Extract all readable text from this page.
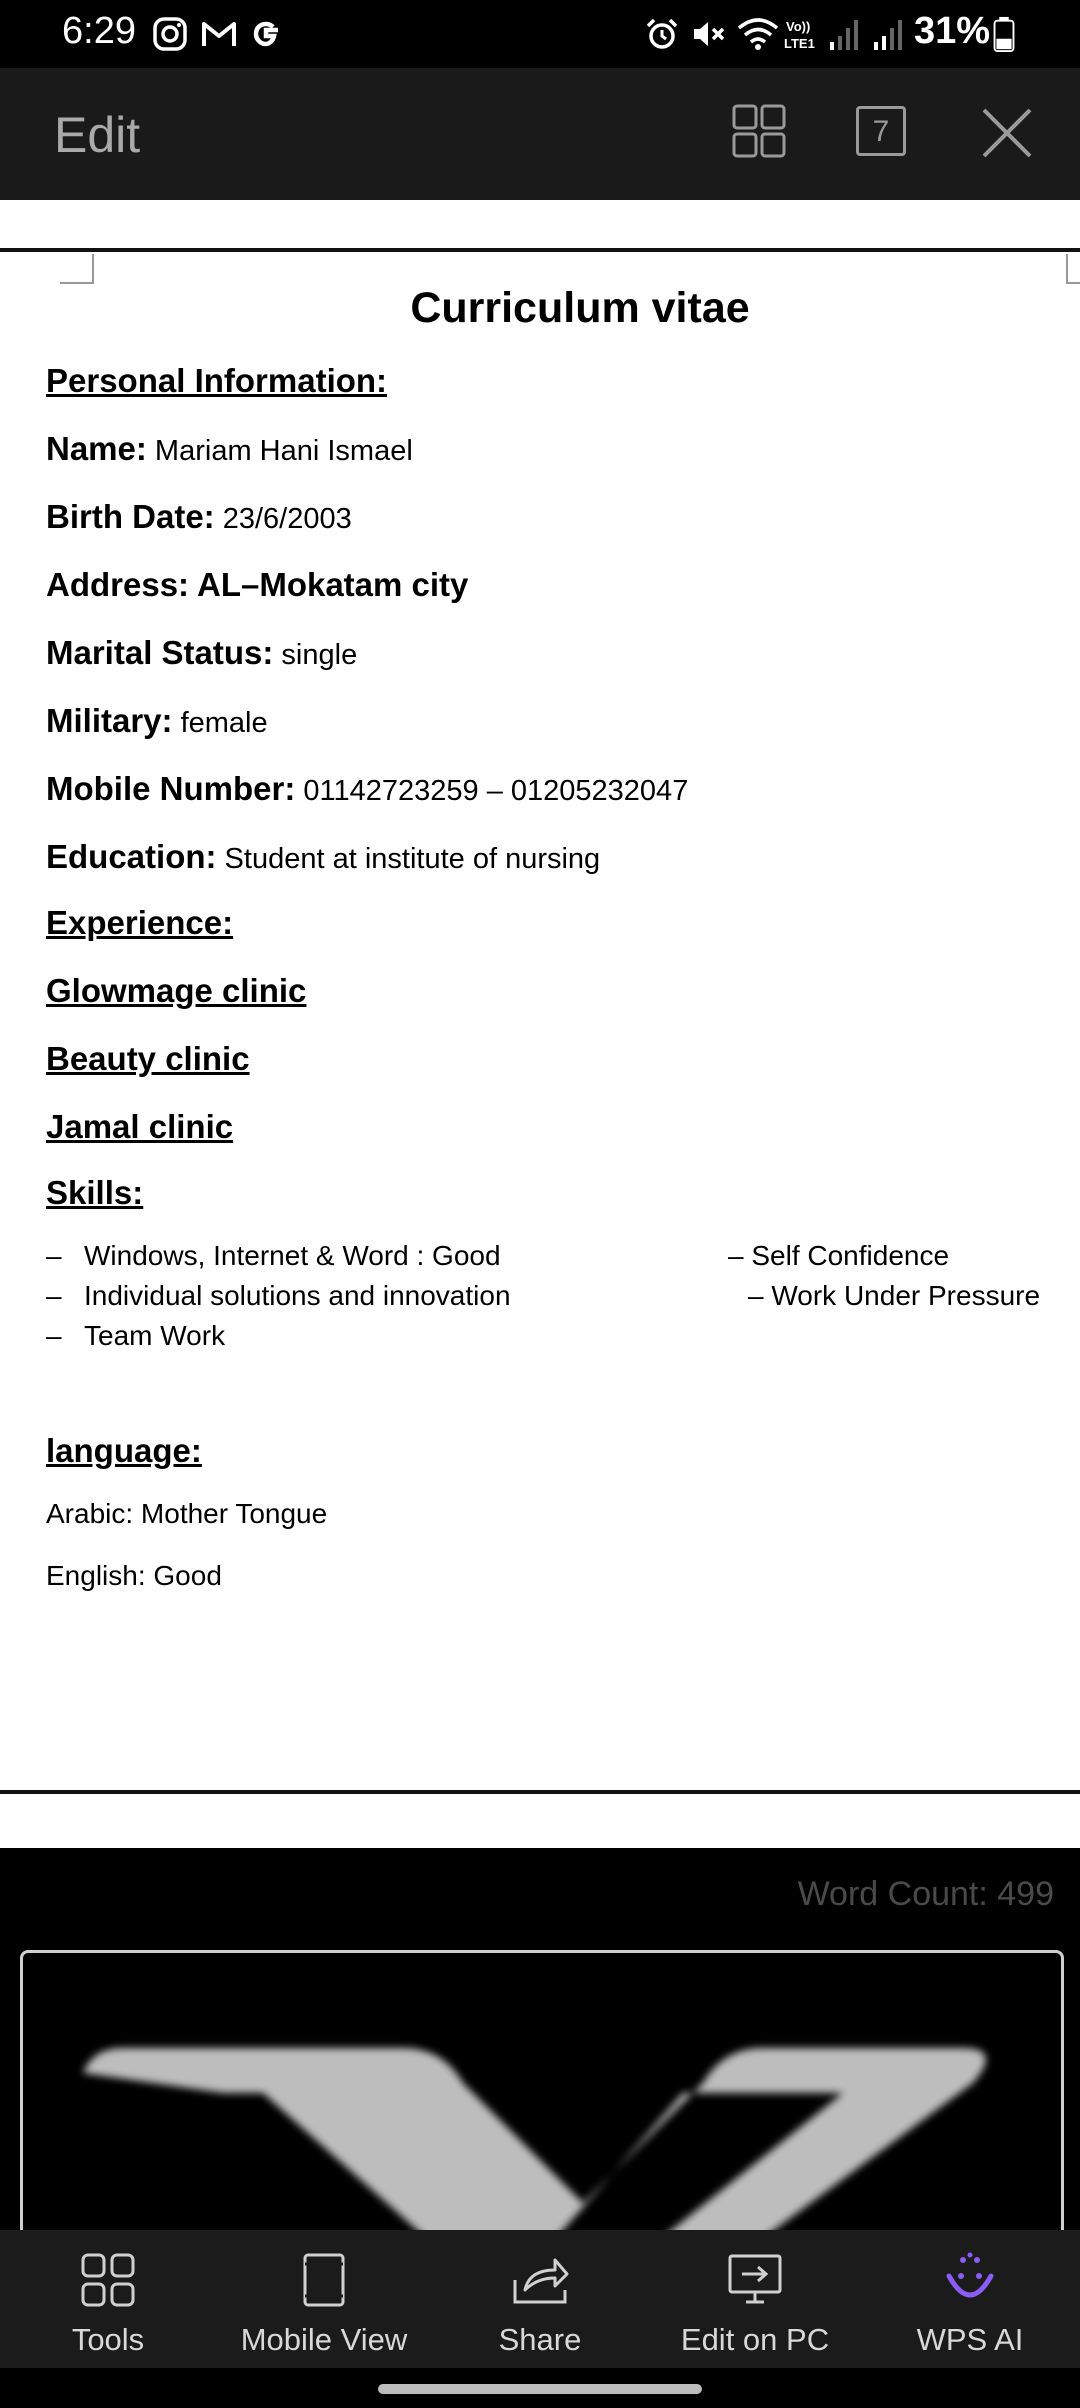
6:29	Vo))
LTE1	31%
Edit	7
Curriculum vitae
Personal Information:
Name: Mariam Hani Ismael
Birth Date: 23/6/2003
Address: AL–Mokatam city
Marital Status: single
Military: female
Mobile Number: 01142723259 – 01205232047
Education: Student at institute of nursing
Experience:
Glowmage clinic
Beauty clinic
Jamal clinic
Skills:
– Windows, Internet & Word : Good
– Individual solutions and innovation
– Team Work
– Self Confidence
– Work Under Pressure
language:
Arabic: Mother Tongue
English: Good
Word Count: 499
Tools	Mobile View	Share	Edit on PC	WPS AI
